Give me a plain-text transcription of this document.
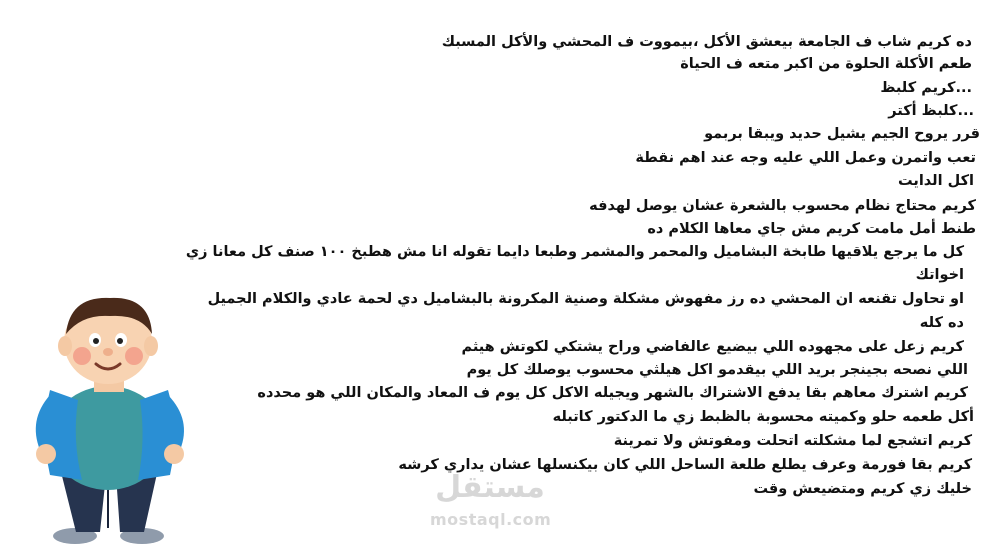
ده كريم شاب ف الجامعة بيعشق الأكل ،بيمووت ف المحشي والأكل المسبك
طعم الأكلة الحلوة من اكبر متعه ف الحياة
...كريم كلبظ
...كلبظ أكتر
قرر يروح الجيم يشيل حديد ويبقا بربمو
تعب واتمرن وعمل اللي عليه وجه عند اهم نقطة
اكل الدايت
كريم محتاج نظام محسوب بالشعرة عشان يوصل لهدفه
طنط أمل مامت كريم مش جاي معاها الكلام ده
كل ما يرجع يلاقيها طابخة البشاميل والمحمر والمشمر وطبعا دايما تقوله انا مش هطبخ ١٠٠ صنف كل معانا زي
اخواتك
او تحاول تقنعه ان المحشي ده رز مفهوش مشكلة وصنية المكرونة بالبشاميل دي لحمة عادي والكلام الجميل
ده كله
كريم زعل على مجهوده اللي بيضيع عالفاضي وراح يشتكي لكوتش هيثم
اللي نصحه بجينجر بريد اللي بيقدمو اكل هيلثي محسوب يوصلك كل يوم
كريم اشترك معاهم بقا يدفع الاشتراك بالشهر ويجيله الاكل كل يوم ف المعاد والمكان اللي هو محدده
أكل طعمه حلو وكميته محسوبة بالظبط زي ما الدكتور كاتبله
كريم اتشجع لما مشكلته اتحلت ومفوتش ولا تمرينة
كريم بقا فورمة وعرف يطلع طلعة الساحل اللي كان بيكنسلها عشان يداري كرشه
خليك زي كريم ومتضيعش وقت
مستقل
mostaql.com
